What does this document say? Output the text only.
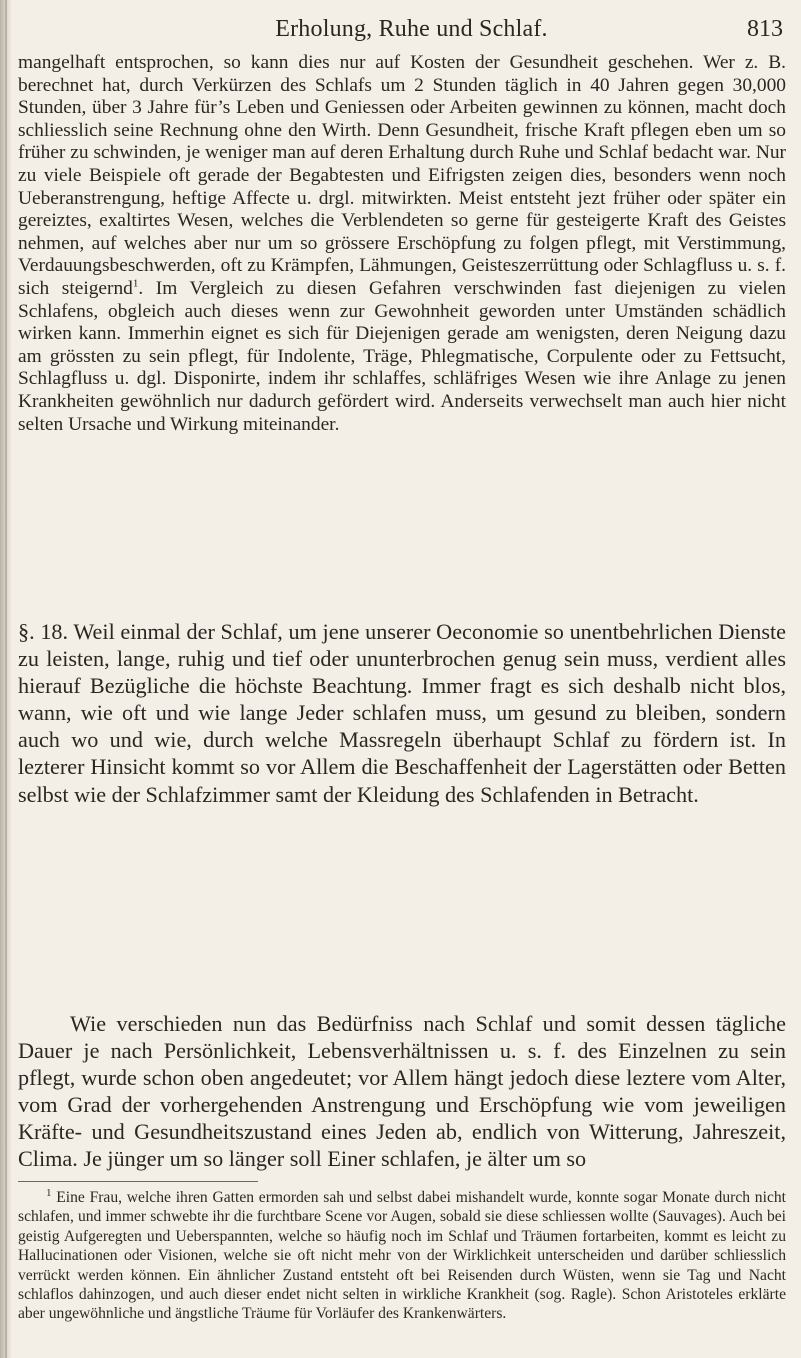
Erholung, Ruhe und Schlaf.	813
mangelhaft entsprochen, so kann dies nur auf Kosten der Gesundheit geschehen. Wer z. B. berechnet hat, durch Verkürzen des Schlafs um 2 Stunden täglich in 40 Jahren gegen 30,000 Stunden, über 3 Jahre für’s Leben und Geniessen oder Arbeiten gewinnen zu können, macht doch schliesslich seine Rechnung ohne den Wirth. Denn Gesundheit, frische Kraft pflegen eben um so früher zu schwinden, je weniger man auf deren Erhaltung durch Ruhe und Schlaf bedacht war. Nur zu viele Beispiele oft gerade der Begabtesten und Eifrigsten zeigen dies, besonders wenn noch Ueberanstrengung, heftige Affecte u. drgl. mitwirkten. Meist entsteht jezt früher oder später ein gereiztes, exaltirtes Wesen, welches die Verblendeten so gerne für gesteigerte Kraft des Geistes nehmen, auf welches aber nur um so grössere Erschöpfung zu folgen pflegt, mit Verstimmung, Verdauungsbeschwerden, oft zu Krämpfen, Lähmungen, Geisteszerrüttung oder Schlagfluss u. s. f. sich steigernd$^1$. Im Vergleich zu diesen Gefahren verschwinden fast diejenigen zu vielen Schlafens, obgleich auch dieses wenn zur Gewohnheit geworden unter Umständen schädlich wirken kann. Immerhin eignet es sich für Diejenigen gerade am wenigsten, deren Neigung dazu am grössten zu sein pflegt, für Indolente, Träge, Phlegmatische, Corpulente oder zu Fettsucht, Schlagfluss u. dgl. Disponirte, indem ihr schlaffes, schläfriges Wesen wie ihre Anlage zu jenen Krankheiten gewöhnlich nur dadurch gefördert wird. Anderseits verwechselt man auch hier nicht selten Ursache und Wirkung miteinander.
§. 18. Weil einmal der Schlaf, um jene unserer Oeconomie so unentbehrlichen Dienste zu leisten, lange, ruhig und tief oder ununterbrochen genug sein muss, verdient alles hierauf Bezügliche die höchste Beachtung. Immer fragt es sich deshalb nicht blos, wann, wie oft und wie lange Jeder schlafen muss, um gesund zu bleiben, sondern auch wo und wie, durch welche Massregeln überhaupt Schlaf zu fördern ist. In lezterer Hinsicht kommt so vor Allem die Beschaffenheit der Lagerstätten oder Betten selbst wie der Schlafzimmer samt der Kleidung des Schlafenden in Betracht.
Wie verschieden nun das Bedürfniss nach Schlaf und somit dessen tägliche Dauer je nach Persönlichkeit, Lebensverhältnissen u. s. f. des Einzelnen zu sein pflegt, wurde schon oben angedeutet; vor Allem hängt jedoch diese leztere vom Alter, vom Grad der vorhergehenden Anstrengung und Erschöpfung wie vom jeweiligen Kräfte- und Gesundheitszustand eines Jeden ab, endlich von Witterung, Jahreszeit, Clima. Je jünger um so länger soll Einer schlafen, je älter um so
$^1$ Eine Frau, welche ihren Gatten ermorden sah und selbst dabei mishandelt wurde, konnte sogar Monate durch nicht schlafen, und immer schwebte ihr die furchtbare Scene vor Augen, sobald sie diese schliessen wollte (Sauvages). Auch bei geistig Aufgeregten und Ueberspannten, welche so häufig noch im Schlaf und Träumen fortarbeiten, kommt es leicht zu Hallucinationen oder Visionen, welche sie oft nicht mehr von der Wirklichkeit unterscheiden und darüber schliesslich verrückt werden können. Ein ähnlicher Zustand entsteht oft bei Reisenden durch Wüsten, wenn sie Tag und Nacht schlaflos dahinzogen, und auch dieser endet nicht selten in wirkliche Krankheit (sog. Ragle). Schon Aristoteles erklärte aber ungewöhnliche und ängstliche Träume für Vorläufer des Krankenwärters.
